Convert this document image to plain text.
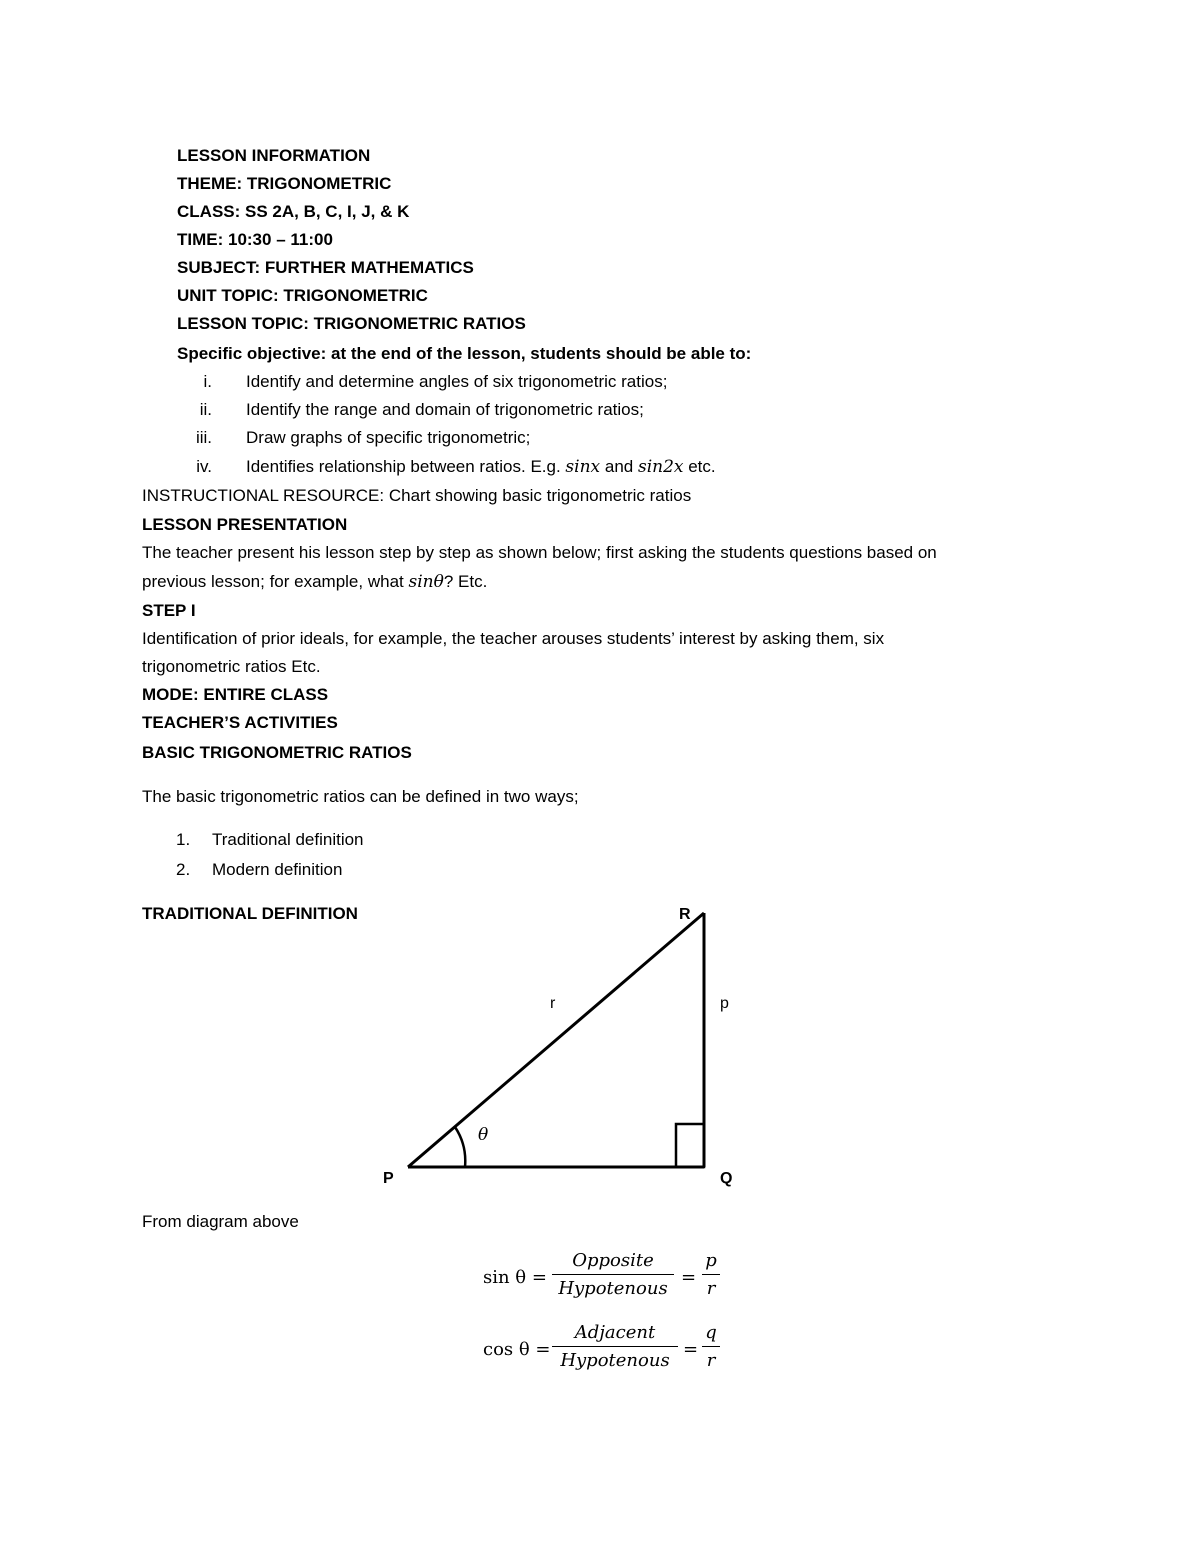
LESSON INFORMATION
THEME: TRIGONOMETRIC
CLASS: SS 2A, B, C, I, J, & K
TIME: 10:30 – 11:00
SUBJECT: FURTHER MATHEMATICS
UNIT TOPIC: TRIGONOMETRIC
LESSON TOPIC: TRIGONOMETRIC RATIOS
Specific objective: at the end of the lesson, students should be able to:
i. Identify and determine angles of six trigonometric ratios;
ii. Identify the range and domain of trigonometric ratios;
iii. Draw graphs of specific trigonometric;
iv. Identifies relationship between ratios. E.g. sinx and sin2x etc.
INSTRUCTIONAL RESOURCE: Chart showing basic trigonometric ratios
LESSON PRESENTATION
The teacher present his lesson step by step as shown below; first asking the students questions based on
previous lesson; for example, what sinθ? Etc.
STEP I
Identification of prior ideals, for example, the teacher arouses students’ interest by asking them, six
trigonometric ratios Etc.
MODE: ENTIRE CLASS
TEACHER’S ACTIVITIES
BASIC TRIGONOMETRIC RATIOS
The basic trigonometric ratios can be defined in two ways;
1. Traditional definition
2. Modern definition
TRADITIONAL DEFINITION	R
P	Q
r	p
θ
From diagram above
sin θ =
Opposite
Hypotenous
= $\frac{p}{r}$
cos θ =
Adjacent
Hypotenous
= $\frac{q}{r}$
